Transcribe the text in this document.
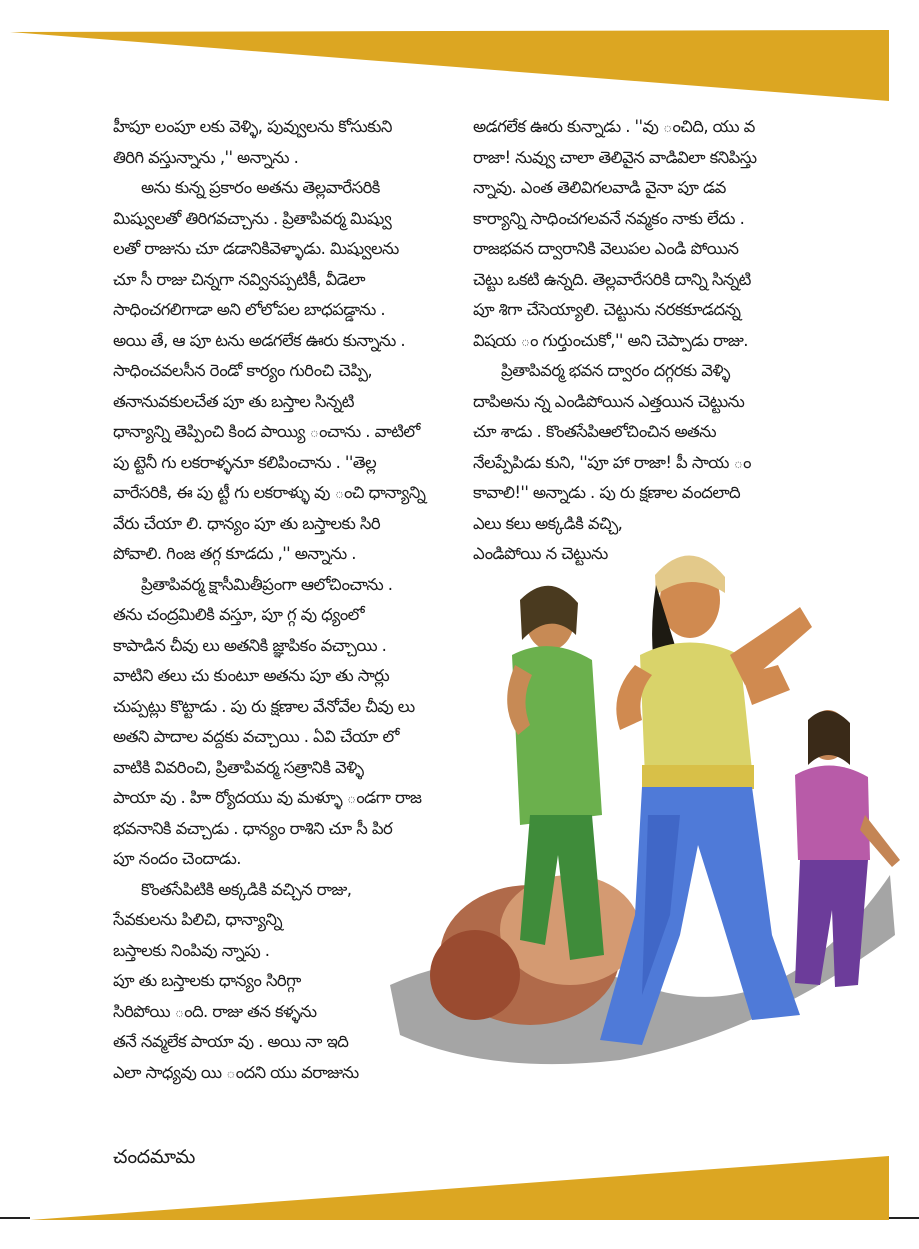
హీపూ లంపూ లకు వెళ్ళి, పువ్వులను కోసుకుని
తిరిగి వస్తున్నాను ,'' అన్నాను .
అను కున్న ప్రకారం అతను తెల్లవారేసరికి
మిష్వులతో తిరిగవచ్చాను . ప్రితాపివర్మ మిష్వు
లతో రాజును చూ డడానికివెళ్ళాడు. మిష్వులను
చూ సీ రాజు చిన్నగా నవ్వినప్పటికీ, వీడెలా
సాధించగలిగాడా అని లోలోపల బాధపడ్డాను .
అయి తే, ఆ పూ టను అడగలేక ఊరు కున్నాను .
సాధించవలసీన రెండో కార్యం గురించి చెప్పి,
తనానువకులచేత పూ తు బస్తాల సిన్నటి
ధాన్యాన్ని తెప్పించి కింద పాయ్యి ంచాను . వాటిలో
పు ట్టెనీ గు లకరాళ్ళనూ కలిపించాను . ''తెల్ల
వారేసరికి, ఈ పు ట్టీ గు లకరాళ్ళు వు ంచి ధాన్యాన్ని
వేరు చేయా లి. ధాన్యం పూ తు బస్తాలకు సిరి
పోవాలి. గింజ తగ్గ కూడదు ,'' అన్నాను .
ప్రితాపివర్మ క్షాసీమితీప్రంగా ఆలోచించాను .
తను చంద్రమిలికి వస్తూ, పూ గ్గ వు ధ్యంలో
కాపాడిన చీవు లు అతనికి జ్ఞాపికం వచ్చాయి .
వాటిని తలు చు కుంటూ అతను పూ తు సార్లు
చుప్పట్లు కొట్టాడు . పు రు క్షణాల వేనోవేల చీవు లు
అతని పాదాల వద్దకు వచ్చాయి . ఏవి చేయా లో
వాటికి వివరించి, ప్రితాపివర్మ సత్రానికి వెళ్ళి
పాయా వు . హిా ర్యోదయు వు మళ్ళూ ండగా రాజ
భవనానికి వచ్చాడు . ధాన్యం రాశిని చూ సీ పిర
పూ నందం చెందాడు.
కొంతసేపిటికి అక్కడికి వచ్చిన రాజు,
సేవకులను పిలిచి, ధాన్యాన్ని
బస్తాలకు నింపివు న్నాపు .
పూ తు బస్తాలకు ధాన్యం సిరిగ్గా
సిరిపోయి ంది. రాజు తన కళ్ళను
తనే నవ్మలేక పాయా వు . అయి నా ఇది
ఎలా సాధ్యవు యి ందని యు వరాజును
అడగలేక ఊరు కున్నాడు . ''వు ంచిది, యు వ
రాజా! నువ్వు చాలా తెలివైన వాడివిలా కనిపిస్తు
న్నావు. ఎంత తెలివిగలవాడి వైనా పూ డవ
కార్యాన్ని సాధించగలవనే నవ్మకం నాకు లేదు .
రాజభవన ద్వారానికి వెలుపల ఎండి పోయిన
చెట్టు ఒకటి ఉన్నది. తెల్లవారేసరికి దాన్ని సిన్నటి
పూ శిగా చేసెయ్యాలి. చెట్టును నరకకూడదన్న
విషయ ం గుర్తుంచుకో,'' అని చెప్పాడు రాజు.
ప్రితాపివర్మ భవన ద్వారం దగ్గరకు వెళ్ళి
దాపిఅను న్న ఎండిపోయిన ఎత్తయిన చెట్టును
చూ శాడు . కొంతసేపిఆలోచించిన అతను
నేలప్పేపిడు కుని, ''పూ హా రాజా! పీ సాయ ం
కావాలి!'' అన్నాడు . పు రు క్షణాల వందలాది
ఎలు కలు అక్కడికి వచ్చి,
ఎండిపోయి న చెట్టును
చందమామ
